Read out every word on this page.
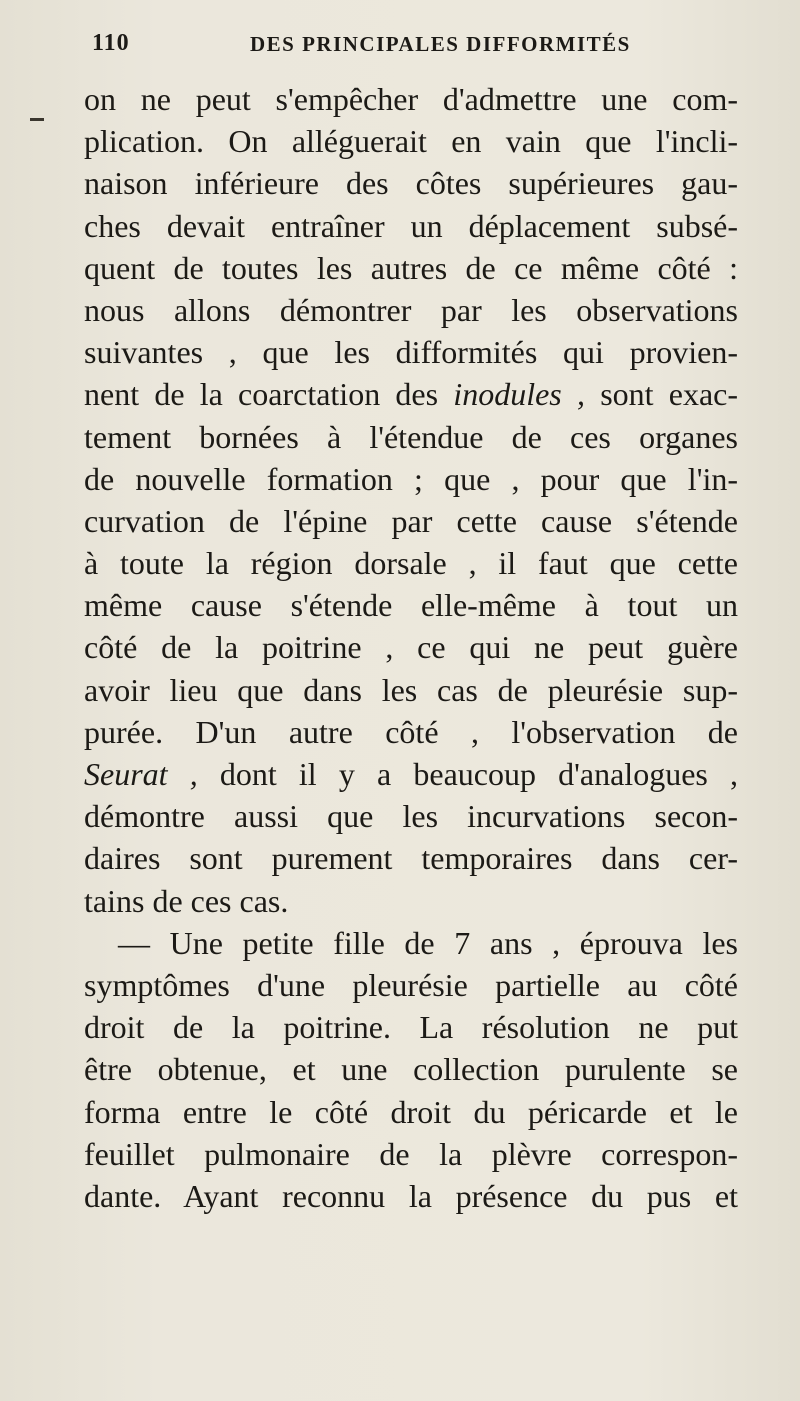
110	DES PRINCIPALES DIFFORMITÉS
on ne peut s'empêcher d'admettre une com-
plication. On alléguerait en vain que l'incli-
naison inférieure des côtes supérieures gau-
ches devait entraîner un déplacement subsé-
quent de toutes les autres de ce même côté :
nous allons démontrer par les observations
suivantes , que les difformités qui provien-
nent de la coarctation des inodules , sont exac-
tement bornées à l'étendue de ces organes
de nouvelle formation ; que , pour que l'in-
curvation de l'épine par cette cause s'étende
à toute la région dorsale , il faut que cette
même cause s'étende elle-même à tout un
côté de la poitrine , ce qui ne peut guère
avoir lieu que dans les cas de pleurésie sup-
purée. D'un autre côté , l'observation de
Seurat , dont il y a beaucoup d'analogues ,
démontre aussi que les incurvations secon-
daires sont purement temporaires dans cer-
tains de ces cas.
— Une petite fille de 7 ans , éprouva les
symptômes d'une pleurésie partielle au côté
droit de la poitrine. La résolution ne put
être obtenue, et une collection purulente se
forma entre le côté droit du péricarde et le
feuillet pulmonaire de la plèvre correspon-
dante. Ayant reconnu la présence du pus et
